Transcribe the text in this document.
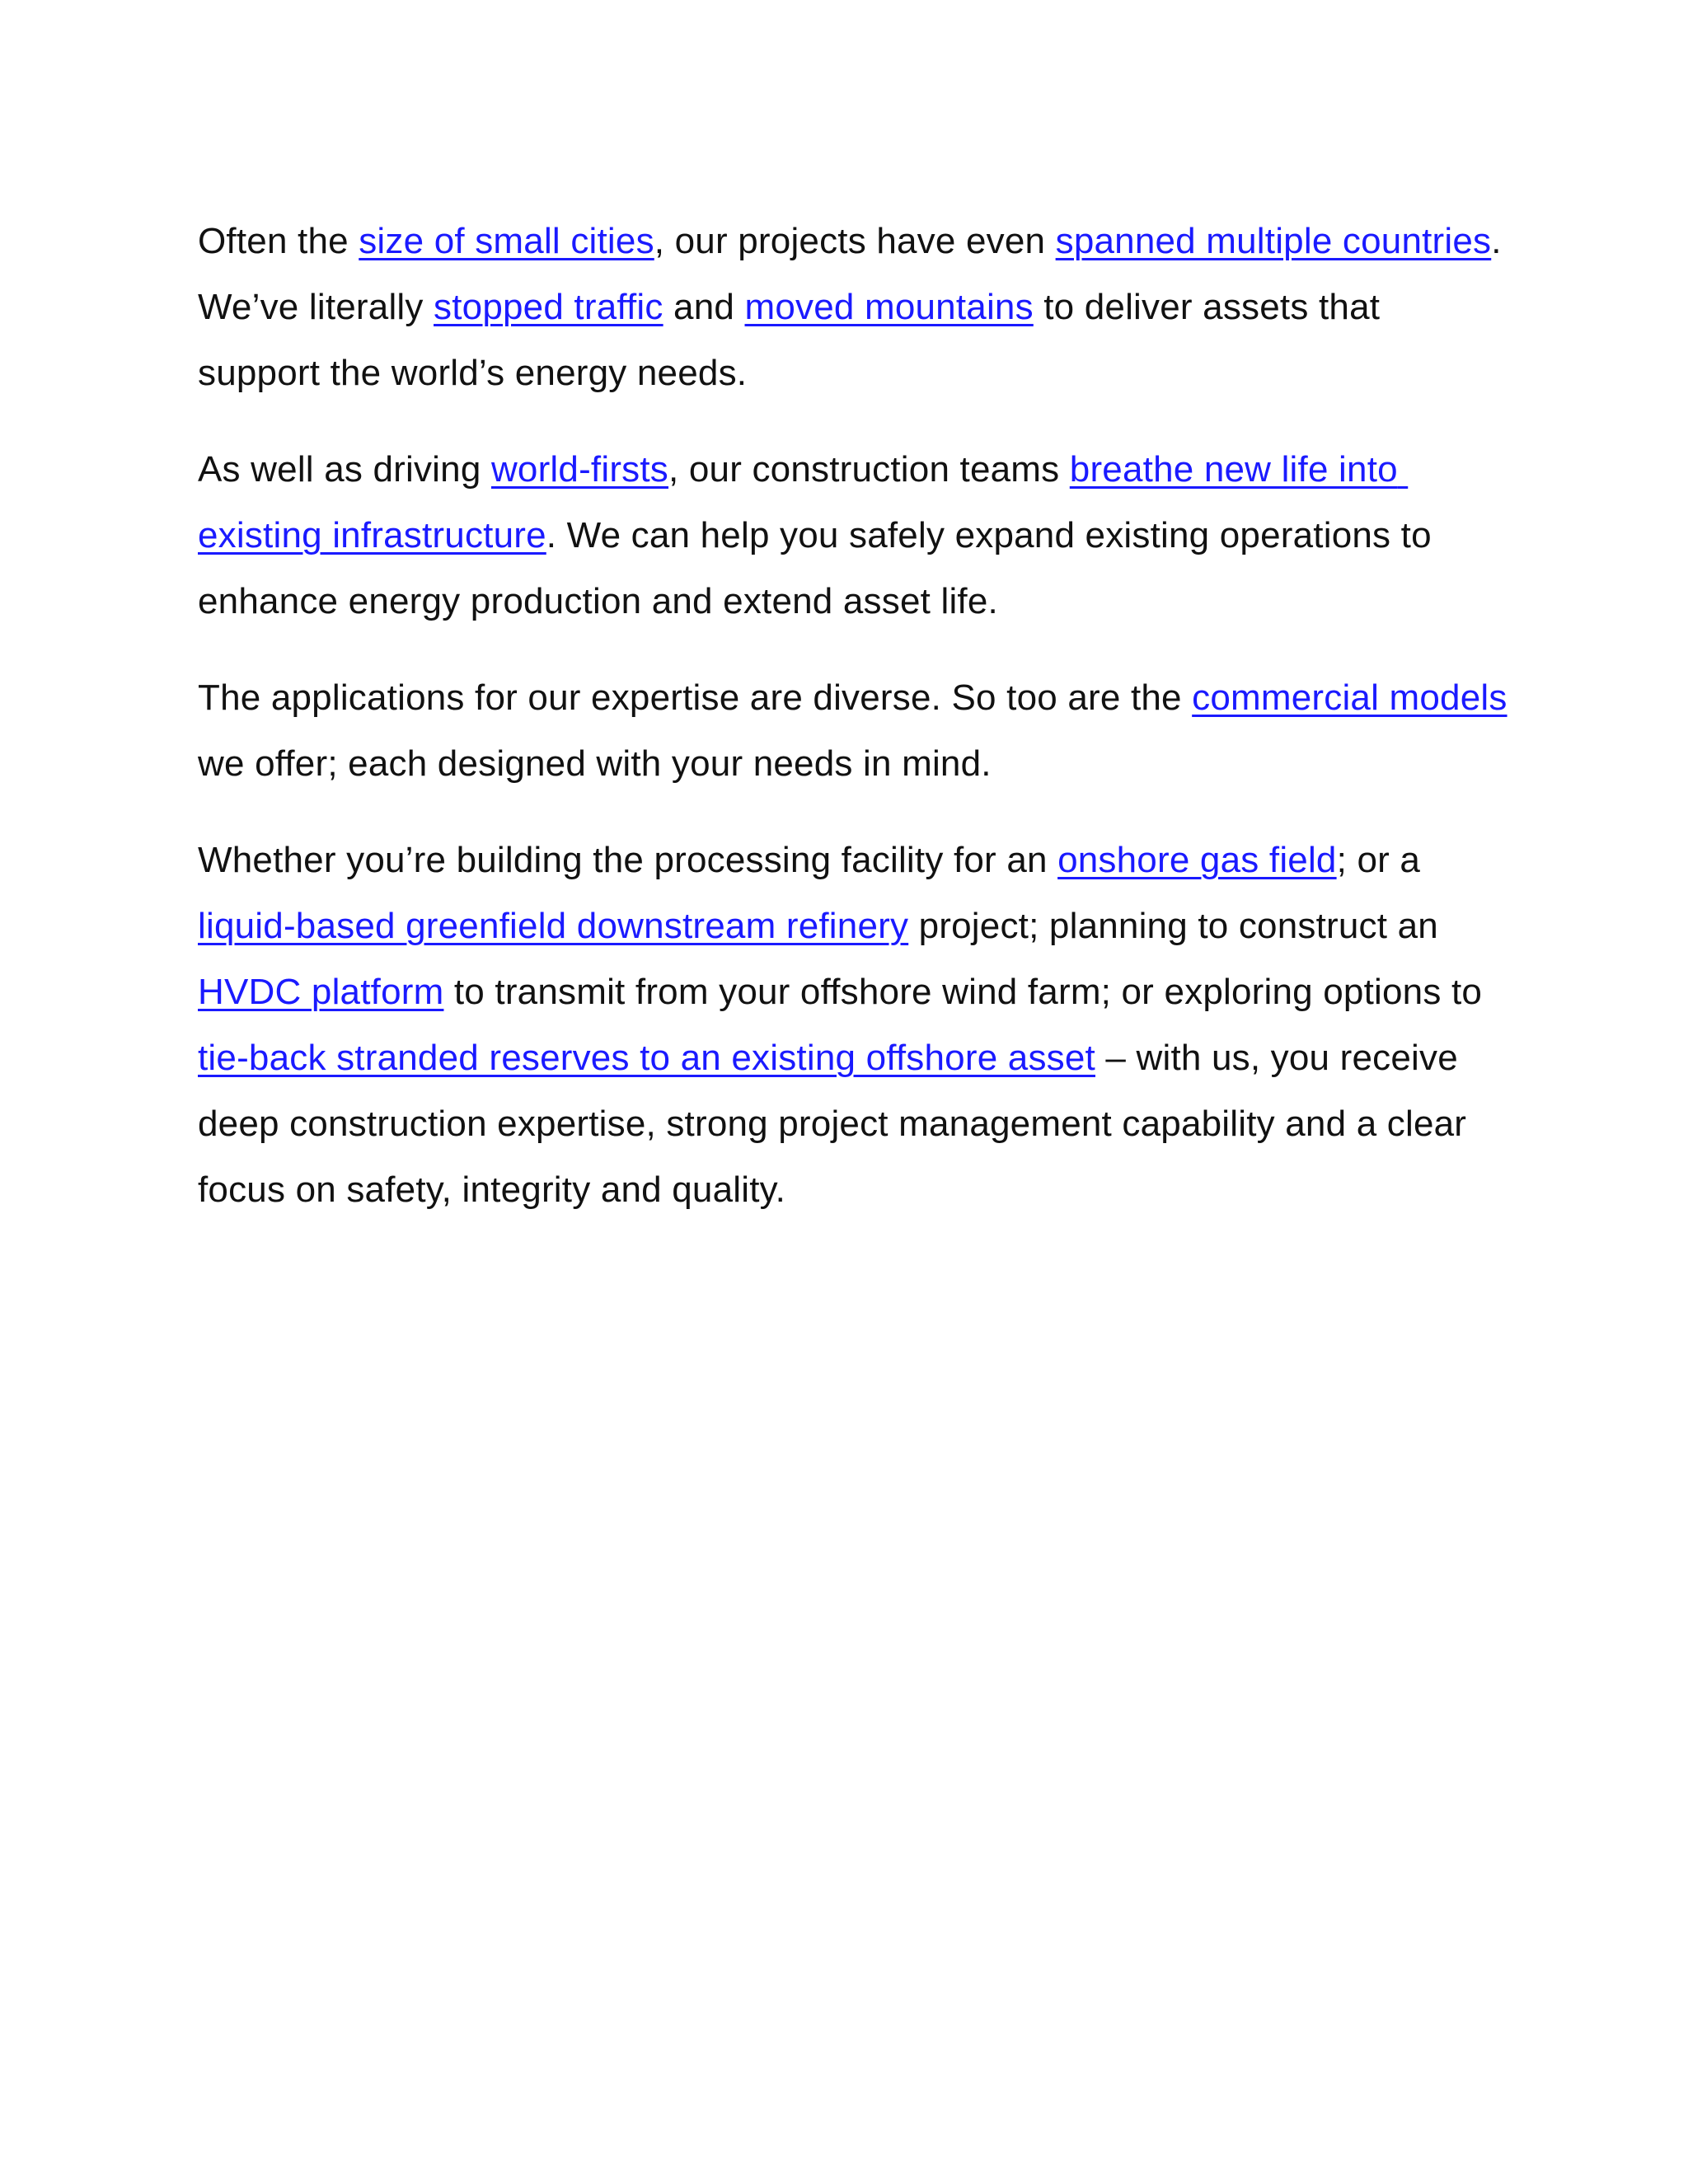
Often the size of small cities, our projects have even spanned multiple countries. We’ve literally stopped traffic and moved mountains to deliver assets that support the world’s energy needs.

As well as driving world-firsts, our construction teams breathe new life into existing infrastructure. We can help you safely expand existing operations to enhance energy production and extend asset life.

The applications for our expertise are diverse. So too are the commercial models we offer; each designed with your needs in mind.

Whether you’re building the processing facility for an onshore gas field; or a liquid-based greenfield downstream refinery project; planning to construct an HVDC platform to transmit from your offshore wind farm; or exploring options to tie-back stranded reserves to an existing offshore asset – with us, you receive deep construction expertise, strong project management capability and a clear focus on safety, integrity and quality.
